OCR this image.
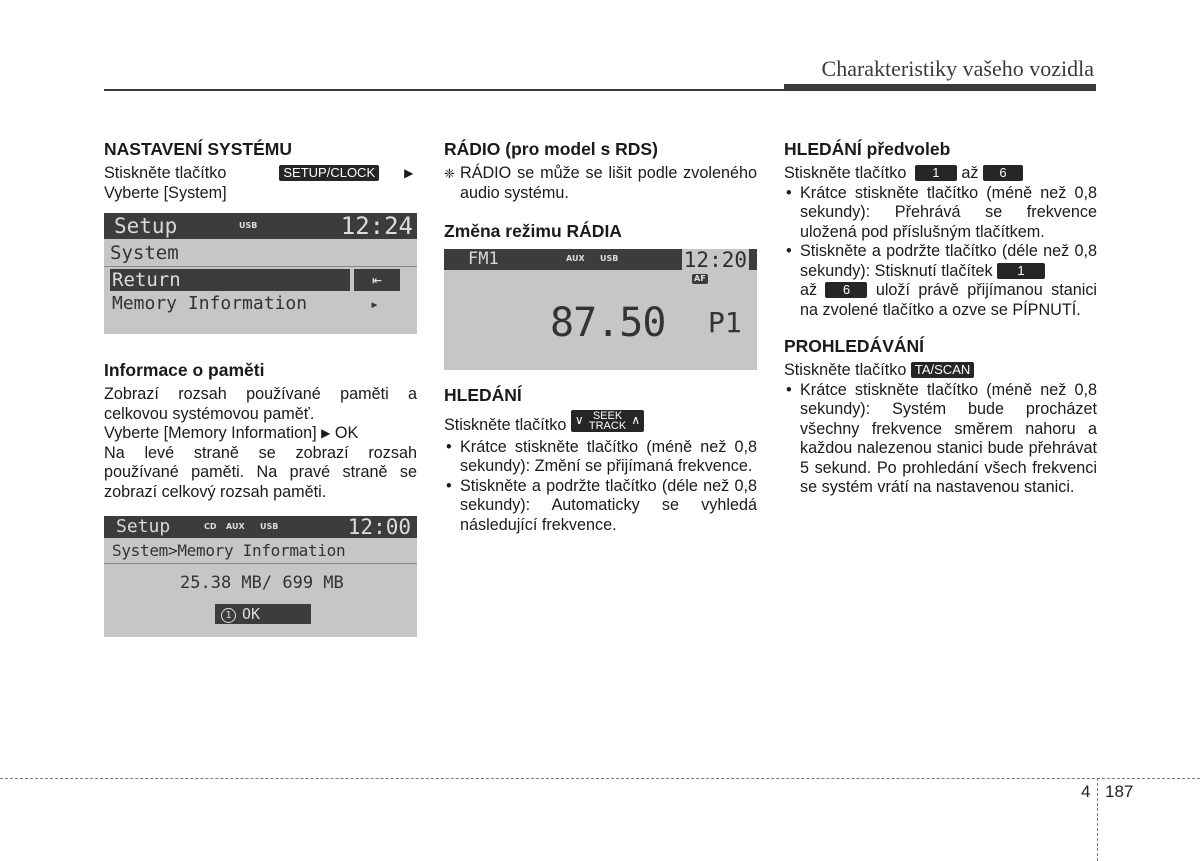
Charakteristiky vašeho vozidla
NASTAVENÍ SYSTÉMU

Stiskněte tlačítko	SETUP/CLOCK ▶
Vyberte [System]

Setup	USB	12:24
System
Return	⇤
Memory Information	▸
Informace o paměti

Zobrazí rozsah používané paměti a celkovou systémovou paměť.

Vyberte [Memory Information] ▶ OK

Na levé straně se zobrazí rozsah používané paměti. Na pravé straně se zobrazí celkový rozsah paměti.

Setup	CD AUX USB	12:00
System>Memory Information
25.38 MB/ 699 MB
1 OK
RÁDIO (pro model s RDS)
❈ RÁDIO se může se lišit podle zvoleného audio systému.
Změna režimu RÁDIA
FM1	AUX USB	12:20
AF
87.50 P1
HLEDÁNÍ

Stiskněte tlačítko ∨ SEEK
TRACK ∧

• Krátce stiskněte tlačítko (méně než 0,8 sekundy): Změní se přijímaná frekvence.
• Stiskněte a podržte tlačítko (déle než 0,8 sekundy): Automaticky se vyhledá následující frekvence.
HLEDÁNÍ předvoleb

Stiskněte tlačítko 1 až 6

• Krátce stiskněte tlačítko (méně než 0,8 sekundy): Přehrává se frekvence uložená pod příslušným tlačítkem.
• Stiskněte a podržte tlačítko (déle než 0,8 sekundy): Stisknutí tlačítek 1
až 6 uloží právě přijímanou stanici na zvolené tlačítko a ozve se PÍPNUTÍ.
PROHLEDÁVÁNÍ

Stiskněte tlačítko TA/SCAN

• Krátce stiskněte tlačítko (méně než 0,8 sekundy): Systém bude procházet všechny frekvence směrem nahoru a každou nalezenou stanici bude přehrávat 5 sekund. Po prohledání všech frekvenci se systém vrátí na nastavenou stanici.
4 187
